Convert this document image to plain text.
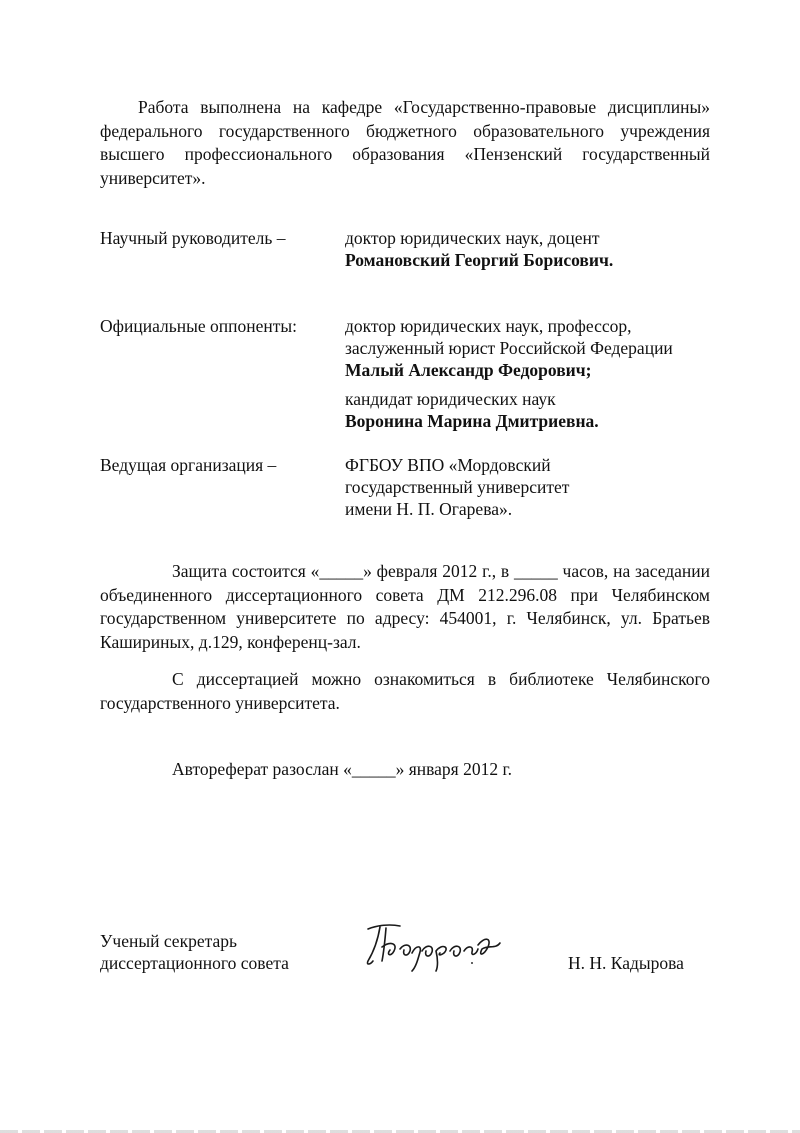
Работа выполнена на кафедре «Государственно-правовые дисциплины» федерального государственного бюджетного образовательного учреждения высшего профессионального образования «Пензенский государственный университет».

Научный руководитель –	доктор юридических наук, доцент
Романовский Георгий Борисович.
Официальные оппоненты:	доктор юридических наук, профессор,
заслуженный юрист Российской Федерации
Малый Александр Федорович;
кандидат юридических наук
Воронина Марина Дмитриевна.
Ведущая организация –	ФГБОУ ВПО «Мордовский
государственный университет
имени Н. П. Огарева».

Защита состоится «_____» февраля 2012 г., в _____ часов, на заседании объединенного диссертационного совета ДМ 212.296.08 при Челябинском государственном университете по адресу: 454001, г. Челябинск, ул. Братьев Кашириных, д.129, конференц-зал.

С диссертацией можно ознакомиться в библиотеке Челябинского государственного университета.

Автореферат разослан «_____» января 2012 г.
Ученый секретарь
диссертационного совета	Н. Н. Кадырова
